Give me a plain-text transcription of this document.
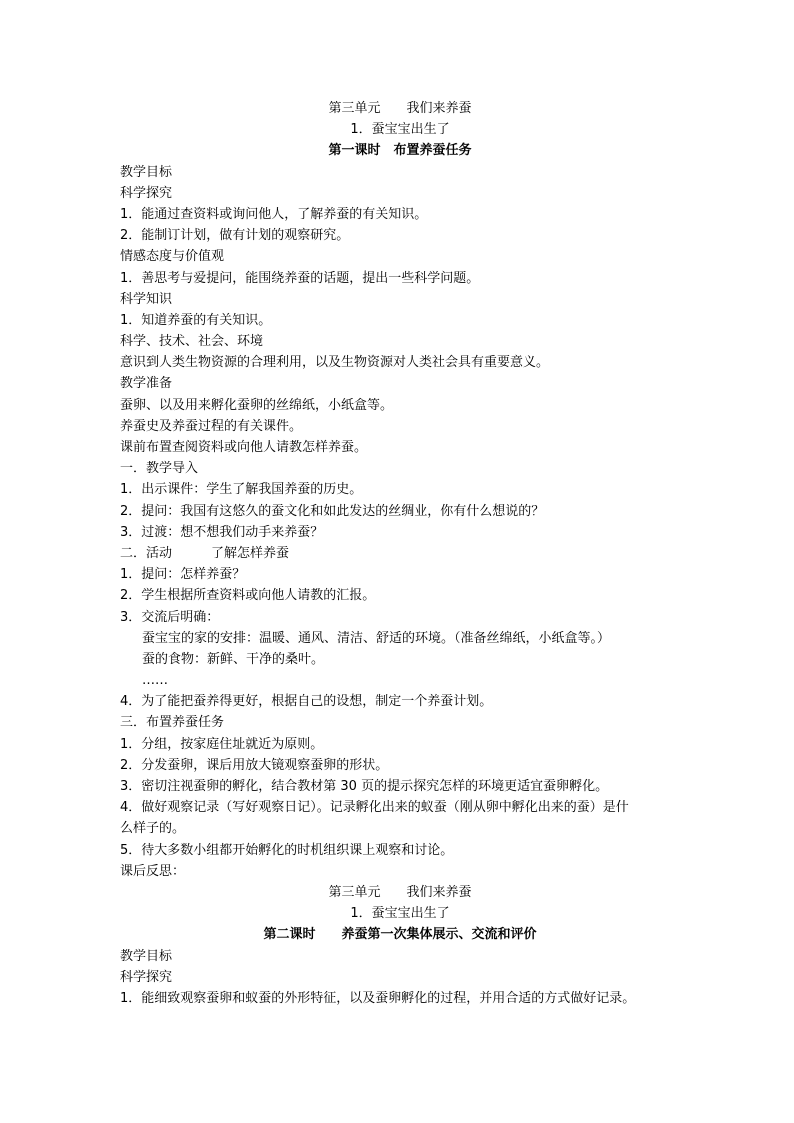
第三单元　　我们来养蚕
1．蚕宝宝出生了
第一课时　布置养蚕任务
教学目标
科学探究
1．能通过查资料或询问他人，了解养蚕的有关知识。
2．能制订计划，做有计划的观察研究。
情感态度与价值观
1．善思考与爱提问，能围绕养蚕的话题，提出一些科学问题。
科学知识
1．知道养蚕的有关知识。
科学、技术、社会、环境
意识到人类生物资源的合理利用，以及生物资源对人类社会具有重要意义。
教学准备
蚕卵、以及用来孵化蚕卵的丝绵纸，小纸盒等。
养蚕史及养蚕过程的有关课件。
课前布置查阅资料或向他人请教怎样养蚕。
一．教学导入
1．出示课件：学生了解我国养蚕的历史。
2．提问：我国有这悠久的蚕文化和如此发达的丝绸业，你有什么想说的？
3．过渡：想不想我们动手来养蚕？
二．活动　　　了解怎样养蚕
1．提问：怎样养蚕？
2．学生根据所查资料或向他人请教的汇报。
3．交流后明确：
蚕宝宝的家的安排：温暖、通风、清洁、舒适的环境。（准备丝绵纸，小纸盒等。）
蚕的食物：新鲜、干净的桑叶。
……
4．为了能把蚕养得更好，根据自己的设想，制定一个养蚕计划。
三．布置养蚕任务
1．分组，按家庭住址就近为原则。
2．分发蚕卵，课后用放大镜观察蚕卵的形状。
3．密切注视蚕卵的孵化，结合教材第 30 页的提示探究怎样的环境更适宜蚕卵孵化。
4．做好观察记录（写好观察日记）。记录孵化出来的蚁蚕（刚从卵中孵化出来的蚕）是什
么样子的。
5．待大多数小组都开始孵化的时机组织课上观察和讨论。
课后反思：
第三单元　　我们来养蚕
1．蚕宝宝出生了
第二课时　　养蚕第一次集体展示、交流和评价
教学目标
科学探究
1．能细致观察蚕卵和蚁蚕的外形特征，以及蚕卵孵化的过程，并用合适的方式做好记录。
